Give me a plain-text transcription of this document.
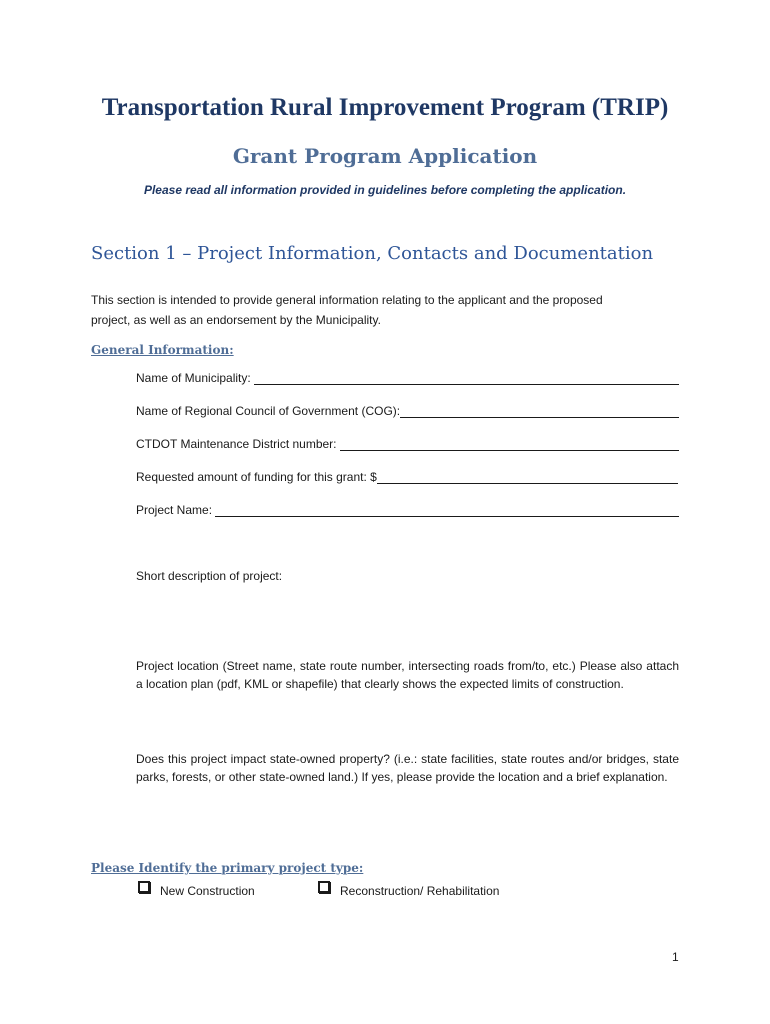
Transportation Rural Improvement Program (TRIP)
Grant Program Application
Please read all information provided in guidelines before completing the application.
Section 1 – Project Information, Contacts and Documentation

This section is intended to provide general information relating to the applicant and the proposed

project, as well as an endorsement by the Municipality.

General Information:
Name of Municipality:
Name of Regional Council of Government (COG):
CTDOT Maintenance District number:
Requested amount of funding for this grant: $
Project Name:
Short description of project:
Project location (Street name, state route number, intersecting roads from/to, etc.) Please also attach a location plan (pdf, KML or shapefile) that clearly shows the expected limits of construction.
Does this project impact state-owned property? (i.e.: state facilities, state routes and/or bridges, state parks, forests, or other state-owned land.) If yes, please provide the location and a brief explanation.
Please Identify the primary project type:
New Construction	Reconstruction/ Rehabilitation
1
